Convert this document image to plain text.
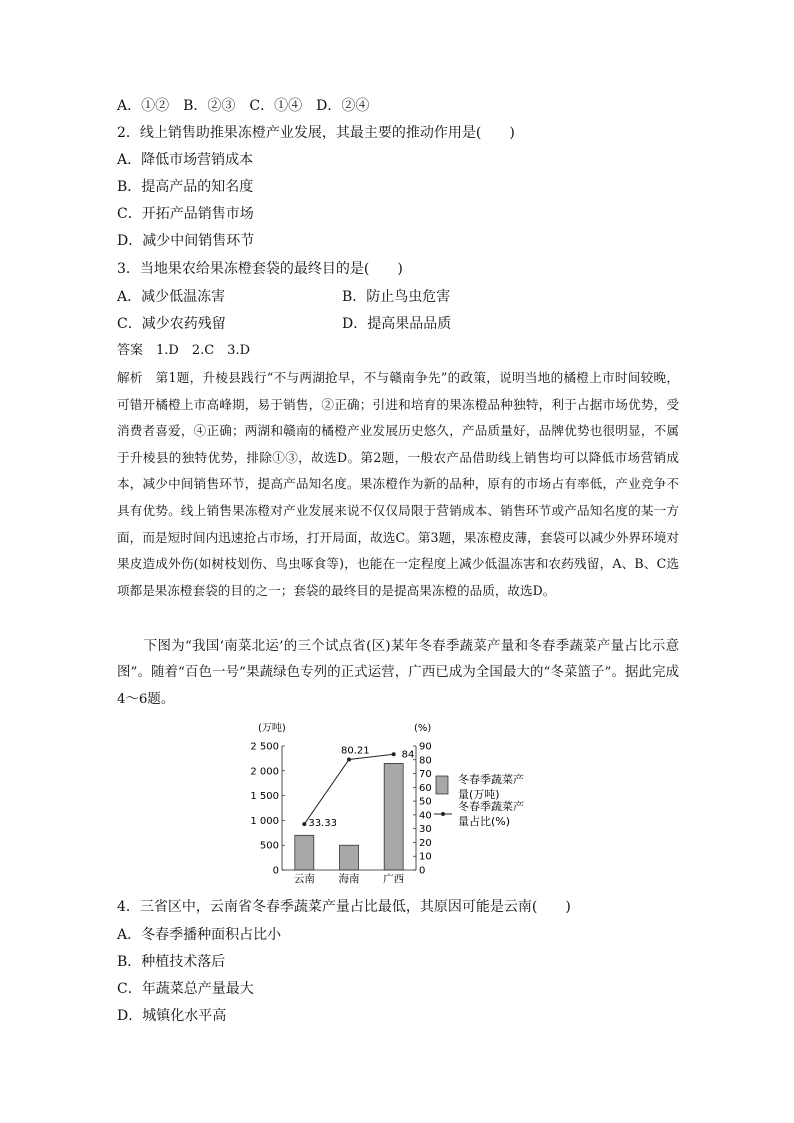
A．①②　B．②③　C．①④　D．②④
2．线上销售助推果冻橙产业发展，其最主要的推动作用是(　　)
A．降低市场营销成本
B．提高产品的知名度
C．开拓产品销售市场
D．减少中间销售环节
3．当地果农给果冻橙套袋的最终目的是(　　)
A．减少低温冻害	B．防止鸟虫危害
C．减少农药残留	D．提高果品品质
答案　1.D　2.C　3.D
解析　第1题，升棱县践行“不与两湖抢早，不与赣南争先”的政策，说明当地的橘橙上市时间较晚，可错开橘橙上市高峰期，易于销售，②正确；引进和培育的果冻橙品种独特，利于占据市场优势，受消费者喜爱，④正确；两湖和赣南的橘橙产业发展历史悠久，产品质量好，品牌优势也很明显，不属于升棱县的独特优势，排除①③，故选D。第2题，一般农产品借助线上销售均可以降低市场营销成本，减少中间销售环节，提高产品知名度。果冻橙作为新的品种，原有的市场占有率低，产业竞争不具有优势。线上销售果冻橙对产业发展来说不仅仅局限于营销成本、销售环节或产品知名度的某一方面，而是短时间内迅速抢占市场，打开局面，故选C。第3题，果冻橙皮薄，套袋可以减少外界环境对果皮造成外伤(如树枝划伤、鸟虫啄食等)，也能在一定程度上减少低温冻害和农药残留，A、B、C选项都是果冻橙套袋的目的之一；套袋的最终目的是提高果冻橙的品质，故选D。
下图为“我国‘南菜北运’的三个试点省(区)某年冬春季蔬菜产量和冬春季蔬菜产量占比示意图”。随着“百色一号”果蔬绿色专列的正式运营，广西已成为全国最大的“冬菜篮子”。据此完成4～6题。
(万吨)	(%)
0
500
1 000
1 500
2 000
2 500
0
10
20
30
40
50
60
70
80
90
云南 海南 广西
33.33
80.21	84
冬春季蔬菜产
量(万吨)
冬春季蔬菜产
量占比(%)
4．三省区中，云南省冬春季蔬菜产量占比最低，其原因可能是云南(　　)
A．冬春季播种面积占比小
B．种植技术落后
C．年蔬菜总产量最大
D．城镇化水平高
